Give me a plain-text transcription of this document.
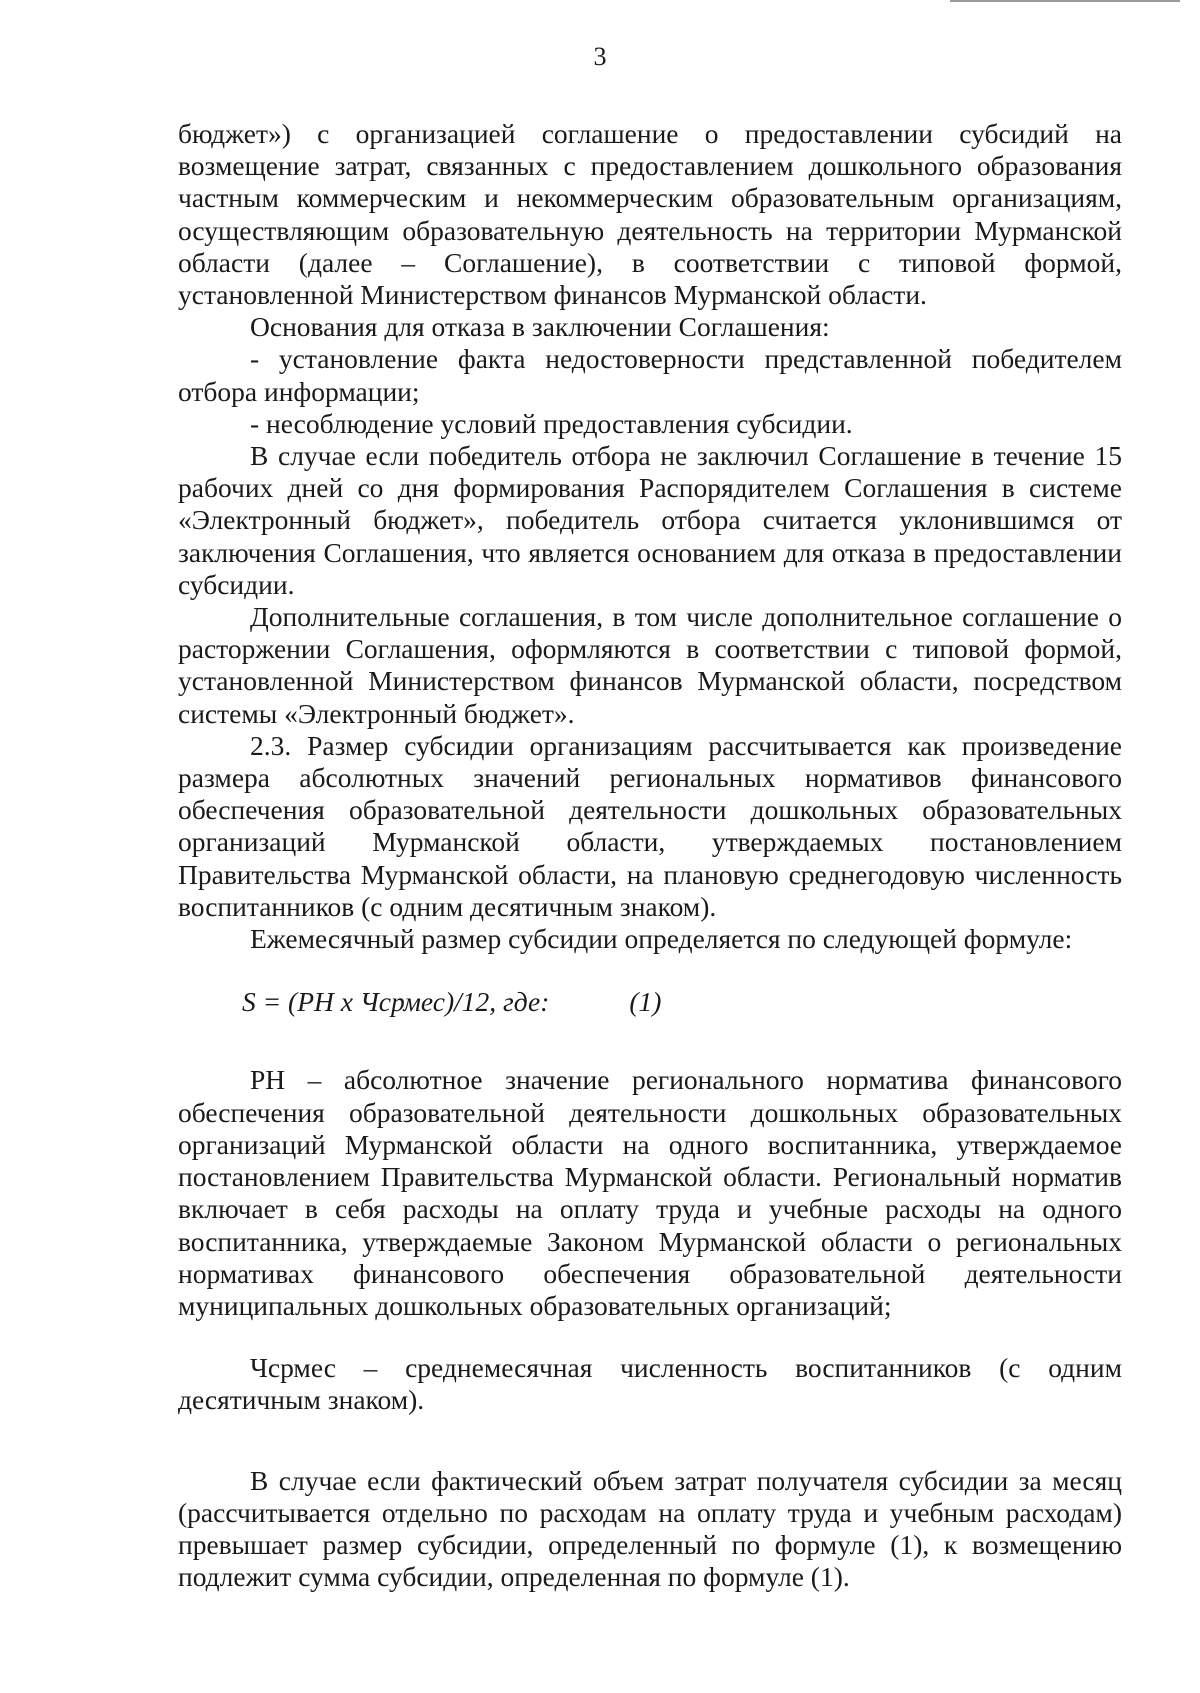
3

бюджет») с организацией соглашение о предоставлении субсидий на возмещение затрат, связанных с предоставлением дошкольного образования частным коммерческим и некоммерческим образовательным организациям, осуществляющим образовательную деятельность на территории Мурманской области (далее – Соглашение), в соответствии с типовой формой, установленной Министерством финансов Мурманской области.

Основания для отказа в заключении Соглашения:

- установление факта недостоверности представленной победителем отбора информации;

- несоблюдение условий предоставления субсидии.

В случае если победитель отбора не заключил Соглашение в течение 15 рабочих дней со дня формирования Распорядителем Соглашения в системе «Электронный бюджет», победитель отбора считается уклонившимся от заключения Соглашения, что является основанием для отказа в предоставлении субсидии.

Дополнительные соглашения, в том числе дополнительное соглашение о расторжении Соглашения, оформляются в соответствии с типовой формой, установленной Министерством финансов Мурманской области, посредством системы «Электронный бюджет».

2.3. Размер субсидии организациям рассчитывается как произведение размера абсолютных значений региональных нормативов финансового обеспечения образовательной деятельности дошкольных образовательных организаций Мурманской области, утверждаемых постановлением Правительства Мурманской области, на плановую среднегодовую численность воспитанников (с одним десятичным знаком).

Ежемесячный размер субсидии определяется по следующей формуле:

S = (РН х Чсрмес)/12, где:	(1)

РН – абсолютное значение регионального норматива финансового обеспечения образовательной деятельности дошкольных образовательных организаций Мурманской области на одного воспитанника, утверждаемое постановлением Правительства Мурманской области. Региональный норматив включает в себя расходы на оплату труда и учебные расходы на одного воспитанника, утверждаемые Законом Мурманской области о региональных нормативах финансового обеспечения образовательной деятельности муниципальных дошкольных образовательных организаций;

Чсрмес – среднемесячная численность воспитанников (с одним десятичным знаком).

В случае если фактический объем затрат получателя субсидии за месяц (рассчитывается отдельно по расходам на оплату труда и учебным расходам) превышает размер субсидии, определенный по формуле (1), к возмещению подлежит сумма субсидии, определенная по формуле (1).
